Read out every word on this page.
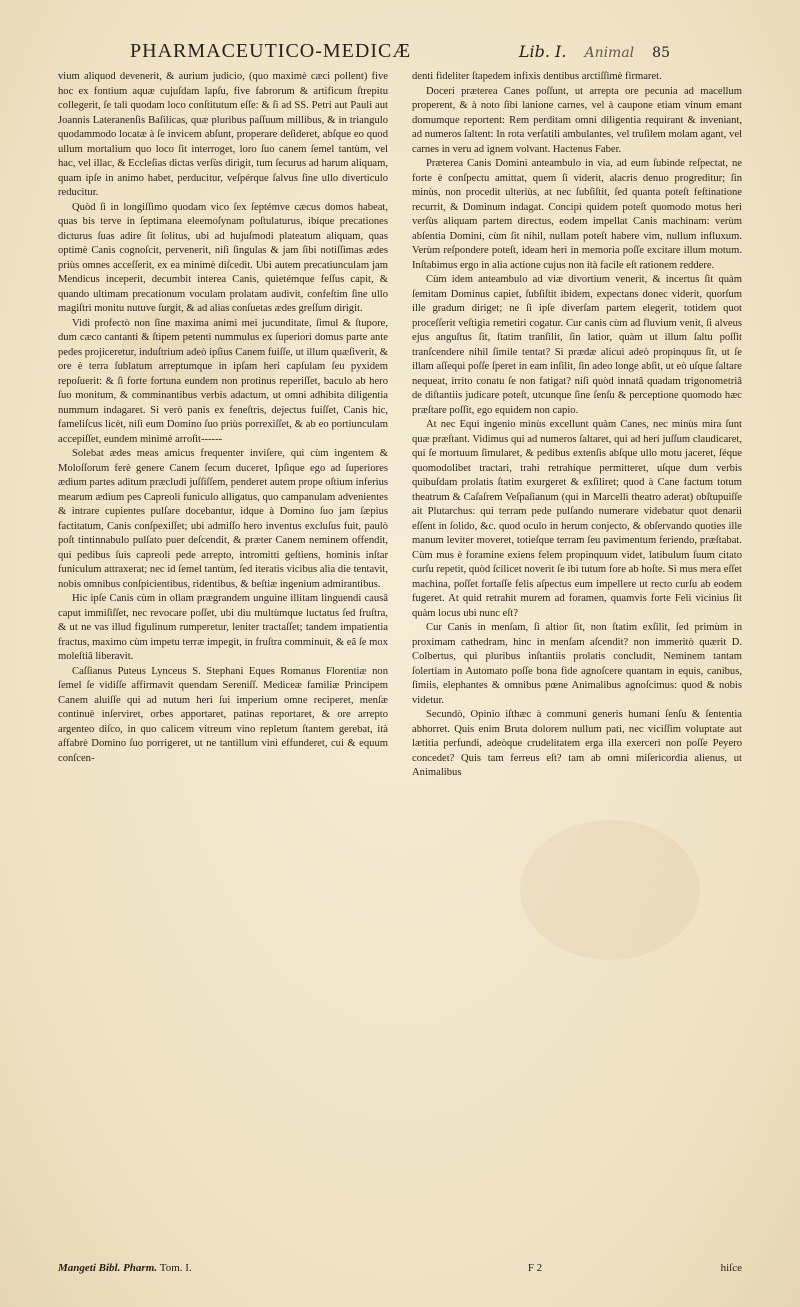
PHARMACEUTICO-MEDICÆ	Lib. I. Animal 85

vium aliquod devenerit, & aurium judicio, (quo maximè cæci pollent) five hoc ex fontium aquæ cujuſdam lapſu, five fabrorum & artificum ſtrepitu collegerit, ſe tali quodam loco conſtitutum eſſe: & ſi ad SS. Petri aut Pauli aut Joannis Lateranenſis Baſilicas, quæ pluribus paſſuum millibus, & in triangulo quodammodo locatæ à ſe invicem abſunt, properare deſideret, abſque eo quod ullum mortalium quo loco ſit interroget, loro ſuo canem ſemel tantùm, vel hac, vel illac, & Eccleſias dictas verſùs dirigit, tum ſecurus ad harum aliquam, quam ipſe in animo habet, perducitur, veſpérque ſalvus ſine ullo diverticulo reducitur.

Quòd ſi in longiſſimo quodam vico ſex ſeptémve cæcus domos habeat, quas bis terve in ſeptimana eleemoſynam poſtulaturus, ibíque precationes dicturus ſuas adire ſit ſolitus, ubi ad hujuſmodi plateatum aliquam, quas optimè Canis cognoſcit, pervenerit, niſi ſingulas & jam ſibi notiſſimas ædes priùs omnes acceſſerit, ex ea minimè diſcedit. Ubi autem precatiunculam jam Mendicus inceperit, decumbit interea Canis, quietémque feſſus capit, & quando ultimam precationum voculam prolatam audivit, confeſtim ſine ullo magiſtri monitu nutuve ſurgit, & ad alias conſuetas ædes greſſum dirigit.

Vidi profectò non ſine maxima animi mei jucunditate, ſimul & ſtupore, dum cæco cantanti & ſtipem petenti nummulus ex ſuperiori domus parte ante pedes projiceretur, induſtrium adeò ipſius Canem fuiſſe, ut illum quæſiverit, & ore è terra ſublatum arreptumque in ipſam heri capſulam ſeu pyxidem repoſuerit: & ſi forte fortuna eundem non protinus reperiſſet, baculo ab hero ſuo monitum, & comminantibus verbis adactum, ut omni adhibita diligentia nummum indagaret. Si verò panis ex feneſtris, dejectus fuiſſet, Canis hic, fameliſcus licèt, niſi eum Domino ſuo priùs porrexiſſet, & ab eo portiunculam accepiſſet, eundem minimè arroſit------

Solebat ædes meas amicus frequenter inviſere, qui cùm ingentem & Moloſſorum ferè genere Canem ſecum duceret, Ipſique ego ad ſuperiores ædium partes aditum præcludi juſſiſſem, penderet autem prope oſtium inferius mearum ædium pes Capreoli funiculo alligatus, quo campanulam advenientes & intrare cupientes pulſare docebantur, idque à Domino ſuo jam ſæpius factitatum, Canis conſpexiſſet; ubi admiſſo hero inventus excluſus fuit, paulò poſt tintinnabulo pulſato puer deſcendit, & præter Canem neminem offendit, qui pedibus ſuis capreoli pede arrepto, intromitti geſtiens, hominis inſtar funiculum attraxerat; nec id ſemel tantùm, ſed iteratis vicibus alia die tentavit, nobis omnibus conſpicientibus, ridentibus, & beſtiæ ingenium admirantibus.

Hic ipſe Canis cùm in ollam prægrandem unguine illitam linguendi causâ caput immiſiſſet, nec revocare poſſet, ubi diu multùmque luctatus ſed fruſtra, & ut ne vas illud figulinum rumperetur, leniter tractaſſet; tandem impatientia fractus, maximo cùm impetu terræ impegit, in fruſtra comminuit, & eâ ſe mox moleſtiâ liberavit.

Caſſianus Puteus Lynceus S. Stephani Eques Romanus Florentiæ non ſemel ſe vidiſſe affirmavit quendam Sereniſſ. Mediceæ familiæ Principem Canem aluiſſe qui ad nutum heri ſui imperium omne reciperet, menſæ continuè inſerviret, orbes apportaret, patinas reportaret, & ore arrepto argenteo diſco, in quo calicem vitreum vino repletum ſtantem gerebat, ità affabrè Domino ſuo porrigeret, ut ne tantillum vini effunderet, cui & equum conſcen-

denti fideliter ſtapedem infixis dentibus arctiſſimè firmaret.

Doceri præterea Canes poſſunt, ut arrepta ore pecunia ad macellum properent, & à noto ſibi lanione carnes, vel à caupone etiam vinum emant domumque reportent: Rem perditam omni diligentia requirant & inveniant, ad numeros ſaltent: In rota verſatili ambulantes, vel truſilem molam agant, vel carnes in veru ad ignem volvant. Hactenus Faber.

Præterea Canis Domini anteambulo in via, ad eum ſubinde reſpectat, ne forte è conſpectu amittat, quem ſi viderit, alacris denuo progreditur; ſin minùs, non procedit ulteriùs, at nec ſubſiſtit, ſed quanta poteſt feſtinatione recurrit, & Dominum indagat. Concipi quidem poteſt quomodo motus heri verſùs aliquam partem directus, eodem impellat Canis machinam: verùm abſentia Domini, cùm ſit nihil, nullam poteſt habere vim, nullum influxum. Verùm reſpondere poteſt, ideam heri in memoria poſſe excitare illum motum. Inſtabimus ergo in alia actione cujus non ità facile eſt rationem reddere.

Cùm idem anteambulo ad viæ divortium venerit, & incertus ſit quàm ſemitam Dominus capiet, ſubſiſtit ibidem, expectans donec viderit, quorſum ille gradum diriget; ne ſi ipſe diverſam partem elegerit, totidem quot proceſſerit veſtigia remetiri cogatur. Cur canis cùm ad fluvium venit, ſi alveus ejus anguſtus ſit, ſtatim tranſilit, ſin latior, quàm ut illum ſaltu poſſit tranſcendere nihil ſimile tentat? Si prædæ alicui adeò propinquus ſit, ut ſe illam aſſequi poſſe ſperet in eam inſilit, ſin adeo longe abſit, ut eò uſque ſaltare nequeat, irrito conatu ſe non fatigat? niſi quòd innatâ quadam trigonometriâ de diſtantiis judicare poteſt, utcunque ſine ſenſu & perceptione quomodo hæc præſtare poſſit, ego equidem non capio.

At nec Equi ingenio minùs excellunt quàm Canes, nec minùs mira ſunt quæ præſtant. Vidimus qui ad numeros ſaltaret, qui ad heri juſſum claudicaret, qui ſe mortuum ſimularet, & pedibus extenſis abſque ullo motu jaceret, ſéque quomodolibet tractari, trahi retrahíque permitteret, uſque dum verbis quibuſdam prolatis ſtatim exurgeret & exſiliret; quod à Cane factum totum theatrum & Caſaſrem Veſpaſianum (qui in Marcelli theatro aderat) obſtupuiſſe ait Plutarchus: qui terram pede pulſando numerare videbatur quot denarii eſſent in ſolido, &c. quod oculo in herum conjecto, & obſervando quoties ille manum leviter moveret, totieſque terram ſeu pavimentum feriendo, præſtabat. Cùm mus è foramine exiens felem propinquum videt, latibulum ſuum citato curſu repetit, quòd ſcilicet noverit ſe ibi tutum fore ab hoſte. Si mus mera eſſet machina, poſſet fortaſſe felis aſpectus eum impellere ut recto curſu ab eodem fugeret. At quid retrahit murem ad foramen, quamvis forte Feli vicinius ſit quàm locus ubi nunc eſt?

Cur Canis in menſam, ſi altior ſit, non ſtatim exſilit, ſed primùm in proximam cathedram, hinc in menſam aſcendit? non immeritò quærit D. Colbertus, qui pluribus inſtantiis prolatis concludit, Neminem tantam ſolertiam in Automato poſſe bona fide agnoſcere quantam in equis, canibus, ſimiis, elephantes & omnibus pœne Animalibus agnoſcimus: quod & nobis videtur.

Secundò, Opinio iſthæc à communi generis humani ſenſu & ſententia abhorret. Quis enim Bruta dolorem nullum pati, nec viciſſim voluptate aut lætitia perfundi, adeòque crudelitatem erga illa exerceri non poſſe Peyero concedet? Quis tam ferreus eſt? tam ab omni miſericordia alienus, ut Animalibus

Mangeti Bibl. Pharm. Tom. I.	F 2	hiſce
